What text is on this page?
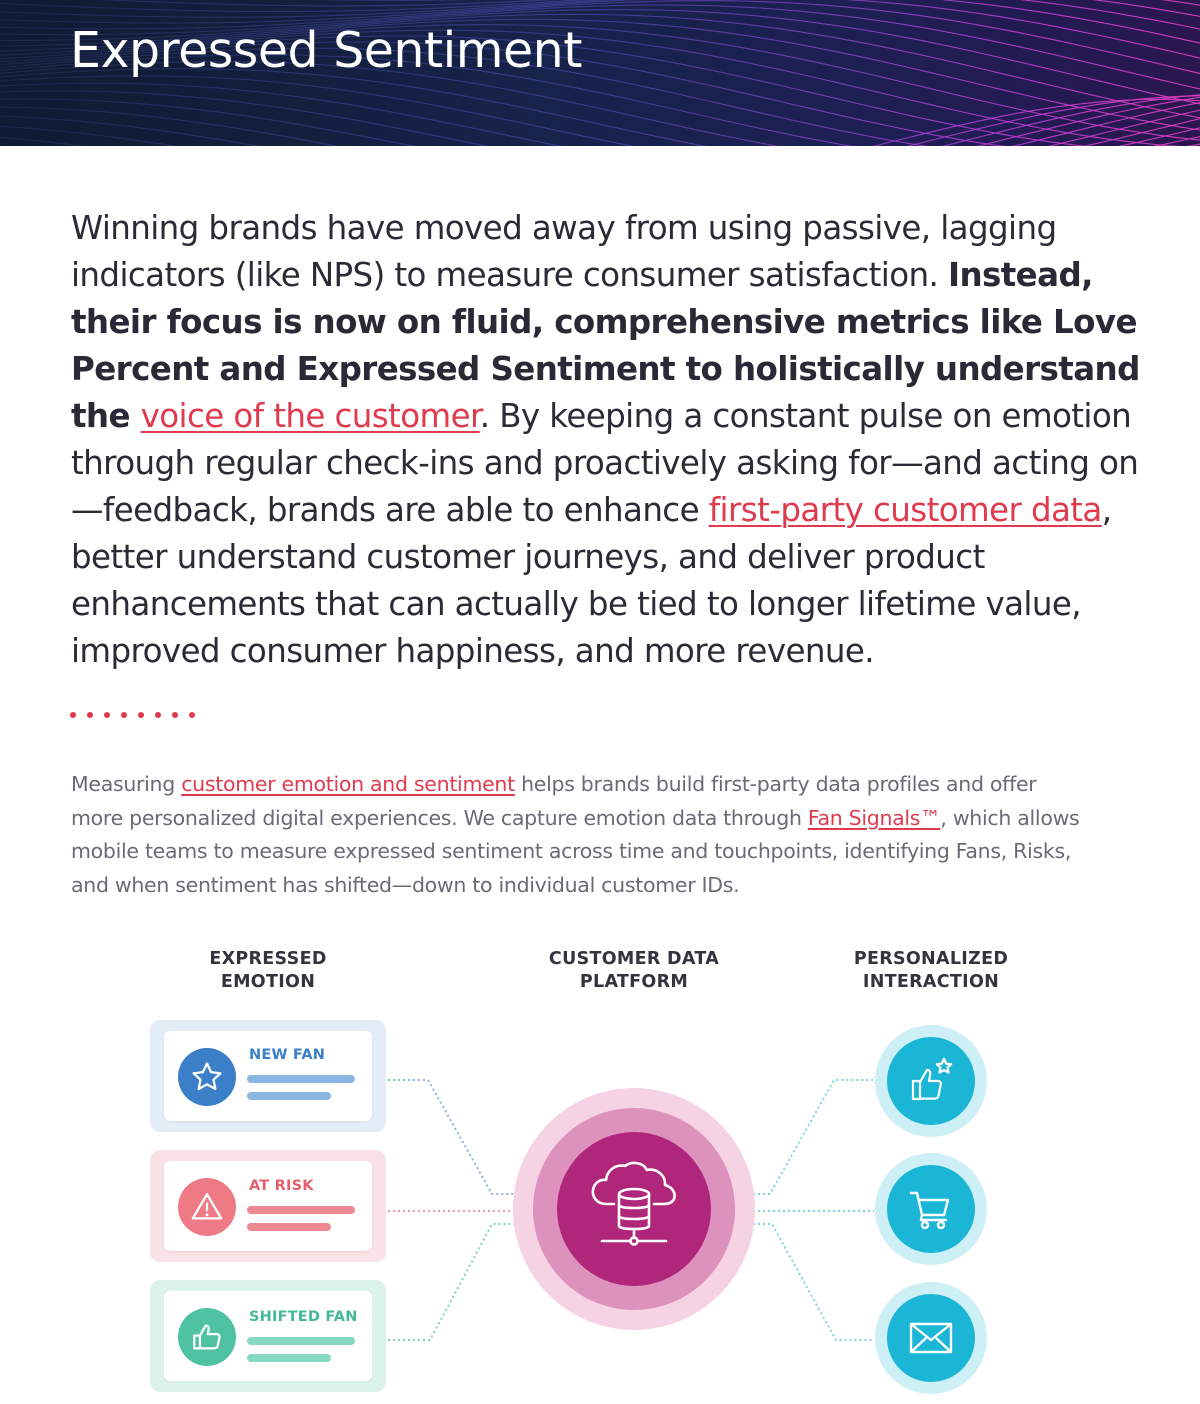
Expressed Sentiment

Winning brands have moved away from using passive, lagging indicators (like NPS) to measure consumer satisfaction. Instead, their focus is now on fluid, comprehensive metrics like Love Percent and Expressed Sentiment to holistically understand the voice of the customer. By keeping a constant pulse on emotion through regular check-ins and proactively asking for—and acting on—feedback, brands are able to enhance first-party customer data, better understand customer journeys, and deliver product enhancements that can actually be tied to longer lifetime value, improved consumer happiness, and more revenue.

Measuring customer emotion and sentiment helps brands build first-party data profiles and offer more personalized digital experiences. We capture emotion data through Fan Signals™, which allows mobile teams to measure expressed sentiment across time and touchpoints, identifying Fans, Risks, and when sentiment has shifted—down to individual customer IDs.

EXPRESSED
EMOTION
CUSTOMER DATA
PLATFORM
PERSONALIZED
INTERACTION
NEW FAN
AT RISK
SHIFTED FAN
